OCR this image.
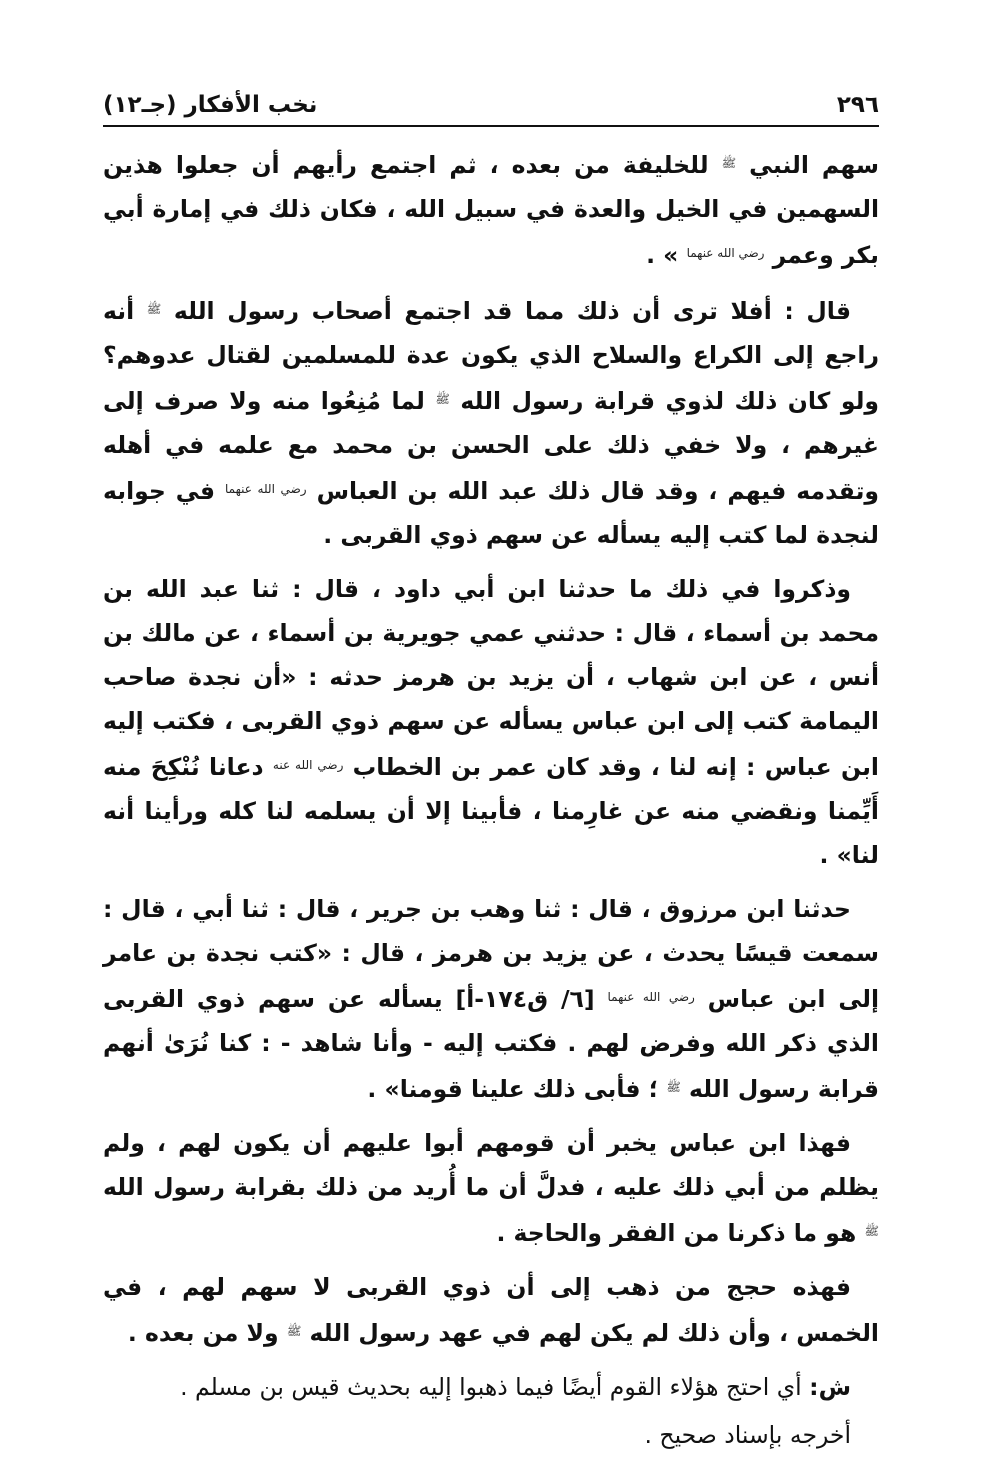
٢٩٦
نخب الأفكار (جـ١٢)

سهم النبي $^ﷺ$ للخليفة من بعده ، ثم اجتمع رأيهم أن جعلوا هذين السهمين في الخيل والعدة في سبيل الله ، فكان ذلك في إمارة أبي بكر وعمر $^{رضي الله عنهما}$ » .

قال : أفلا ترى أن ذلك مما قد اجتمع أصحاب رسول الله $^ﷺ$ أنه راجع إلى الكراع والسلاح الذي يكون عدة للمسلمين لقتال عدوهم؟ ولو كان ذلك لذوي قرابة رسول الله $^ﷺ$ لما مُنِعُوا منه ولا صرف إلى غيرهم ، ولا خفي ذلك على الحسن بن محمد مع علمه في أهله وتقدمه فيهم ، وقد قال ذلك عبد الله بن العباس $^{رضي الله عنهما}$ في جوابه لنجدة لما كتب إليه يسأله عن سهم ذوي القربى .

وذكروا في ذلك ما حدثنا ابن أبي داود ، قال : ثنا عبد الله بن محمد بن أسماء ، قال : حدثني عمي جويرية بن أسماء ، عن مالك بن أنس ، عن ابن شهاب ، أن يزيد بن هرمز حدثه : «أن نجدة صاحب اليمامة كتب إلى ابن عباس يسأله عن سهم ذوي القربى ، فكتب إليه ابن عباس : إنه لنا ، وقد كان عمر بن الخطاب $^{رضي الله عنه}$ دعانا نُنْكِحَ منه أَيِّمنا ونقضي منه عن غارِمنا ، فأبينا إلا أن يسلمه لنا كله ورأينا أنه لنا» .

حدثنا ابن مرزوق ، قال : ثنا وهب بن جرير ، قال : ثنا أبي ، قال : سمعت قيسًا يحدث ، عن يزيد بن هرمز ، قال : «كتب نجدة بن عامر إلى ابن عباس $^{رضي الله عنهما}$ [٦/ ق١٧٤-أ] يسأله عن سهم ذوي القربى الذي ذكر الله وفرض لهم . فكتب إليه - وأنا شاهد - : كنا نُرَىٰ أنهم قرابة رسول الله $^ﷺ$ ؛ فأبى ذلك علينا قومنا» .

فهذا ابن عباس يخبر أن قومهم أبوا عليهم أن يكون لهم ، ولم يظلم من أبي ذلك عليه ، فدلَّ أن ما أُريد من ذلك بقرابة رسول الله $^ﷺ$ هو ما ذكرنا من الفقر والحاجة .

فهذه حجج من ذهب إلى أن ذوي القربى لا سهم لهم ، في الخمس ، وأن ذلك لم يكن لهم في عهد رسول الله $^ﷺ$ ولا من بعده .

ش: أي احتج هؤلاء القوم أيضًا فيما ذهبوا إليه بحديث قيس بن مسلم .

أخرجه بإسناد صحيح .
